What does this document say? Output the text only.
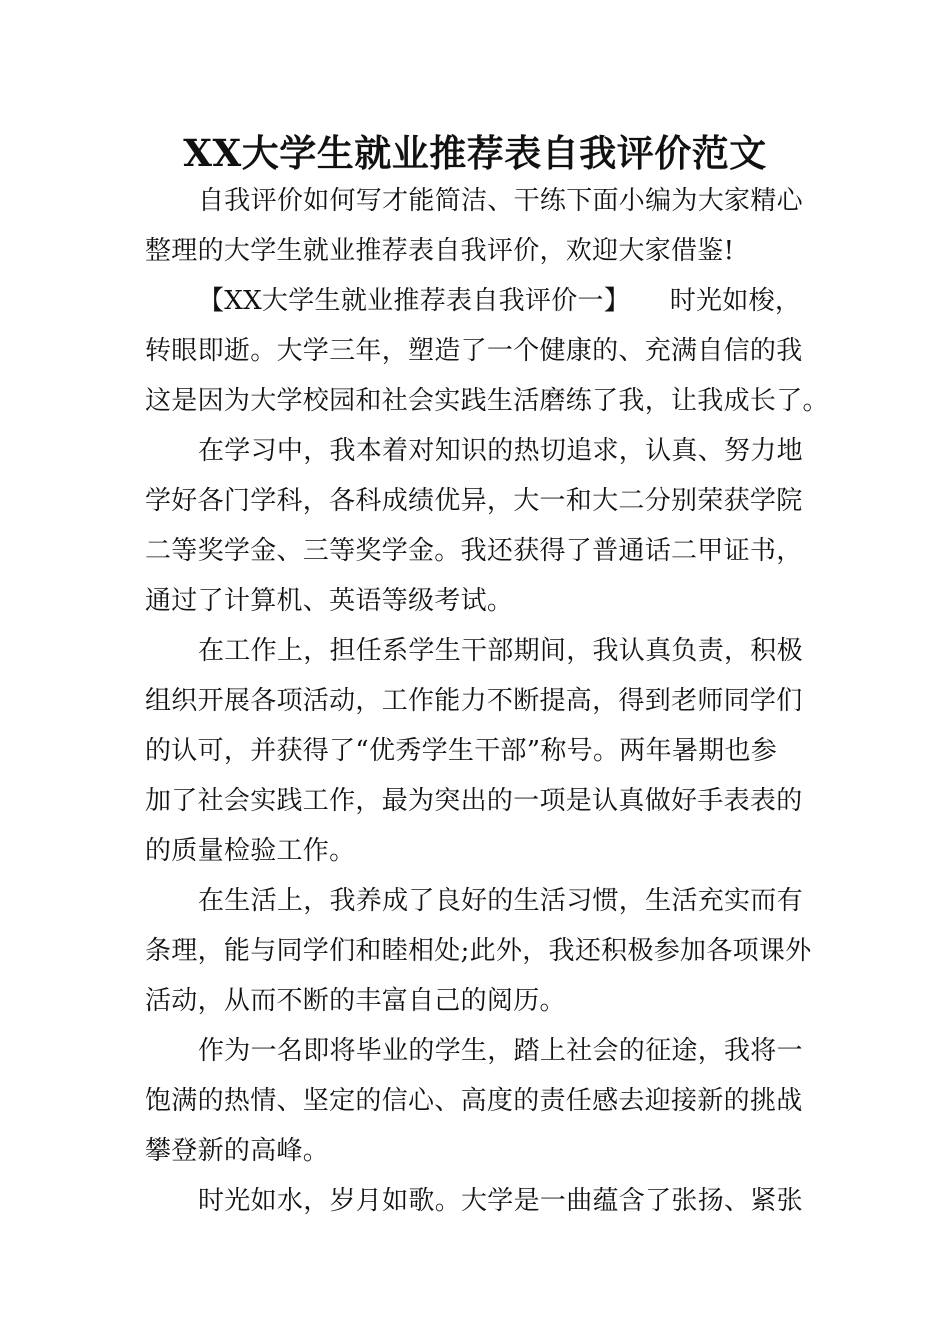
XX大学生就业推荐表自我评价范文
自我评价如何写才能简洁、干练下面小编为大家精心
整理的大学生就业推荐表自我评价，欢迎大家借鉴!
【XX大学生就业推荐表自我评价一】　　时光如梭，
转眼即逝。大学三年，塑造了一个健康的、充满自信的我
这是因为大学校园和社会实践生活磨练了我，让我成长了。
在学习中，我本着对知识的热切追求，认真、努力地
学好各门学科，各科成绩优异，大一和大二分别荣获学院
二等奖学金、三等奖学金。我还获得了普通话二甲证书，
通过了计算机、英语等级考试。
在工作上，担任系学生干部期间，我认真负责，积极
组织开展各项活动，工作能力不断提高，得到老师同学们
的认可，并获得了“优秀学生干部”称号。两年暑期也参
加了社会实践工作，最为突出的一项是认真做好手表表的
的质量检验工作。
在生活上，我养成了良好的生活习惯，生活充实而有
条理，能与同学们和睦相处;此外，我还积极参加各项课外
活动，从而不断的丰富自己的阅历。
作为一名即将毕业的学生，踏上社会的征途，我将一
饱满的热情、坚定的信心、高度的责任感去迎接新的挑战
攀登新的高峰。
时光如水，岁月如歌。大学是一曲蕴含了张扬、紧张
